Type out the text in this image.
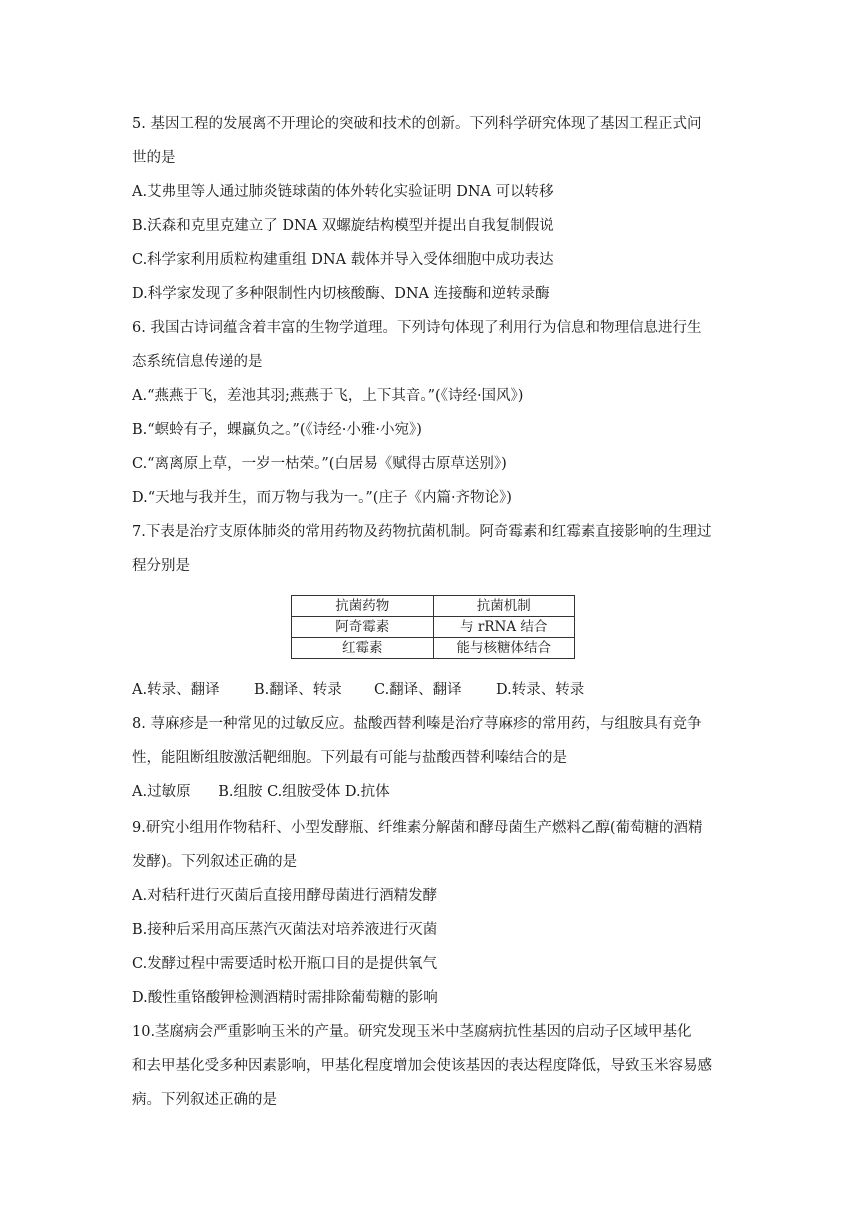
5. 基因工程的发展离不开理论的突破和技术的创新。下列科学研究体现了基因工程正式问
世的是
A.艾弗里等人通过肺炎链球菌的体外转化实验证明 DNA 可以转移
B.沃森和克里克建立了 DNA 双螺旋结构模型并提出自我复制假说
C.科学家利用质粒构建重组 DNA 载体并导入受体细胞中成功表达
D.科学家发现了多种限制性内切核酸酶、DNA 连接酶和逆转录酶
6. 我国古诗词蕴含着丰富的生物学道理。下列诗句体现了利用行为信息和物理信息进行生
态系统信息传递的是
A.“燕燕于飞，差池其羽;燕燕于飞，上下其音。”(《诗经·国风》)
B.“螟蛉有子，蜾蠃负之。”(《诗经·小雅·小宛》)
C.“离离原上草，一岁一枯荣。”(白居易《赋得古原草送别》)
D.“天地与我并生，而万物与我为一。”(庄子《内篇·齐物论》)
7.下表是治疗支原体肺炎的常用药物及药物抗菌机制。阿奇霉素和红霉素直接影响的生理过
程分别是
抗菌药物	抗菌机制
阿奇霉素	与 rRNA 结合
红霉素	能与核糖体结合
A.转录、翻译 B.翻译、转录 C.翻译、翻译 D.转录、转录
8. 荨麻疹是一种常见的过敏反应。盐酸西替利嗪是治疗荨麻疹的常用药，与组胺具有竞争
性，能阻断组胺激活靶细胞。下列最有可能与盐酸西替利嗪结合的是
A.过敏原      B.组胺 C.组胺受体 D.抗体
9.研究小组用作物秸秆、小型发酵瓶、纤维素分解菌和酵母菌生产燃料乙醇(葡萄糖的酒精
发酵)。下列叙述正确的是
A.对秸秆进行灭菌后直接用酵母菌进行酒精发酵
B.接种后采用高压蒸汽灭菌法对培养液进行灭菌
C.发酵过程中需要适时松开瓶口目的是提供氧气
D.酸性重铬酸钾检测酒精时需排除葡萄糖的影响
10.茎腐病会严重影响玉米的产量。研究发现玉米中茎腐病抗性基因的启动子区域甲基化
和去甲基化受多种因素影响，甲基化程度增加会使该基因的表达程度降低，导致玉米容易感
病。下列叙述正确的是
